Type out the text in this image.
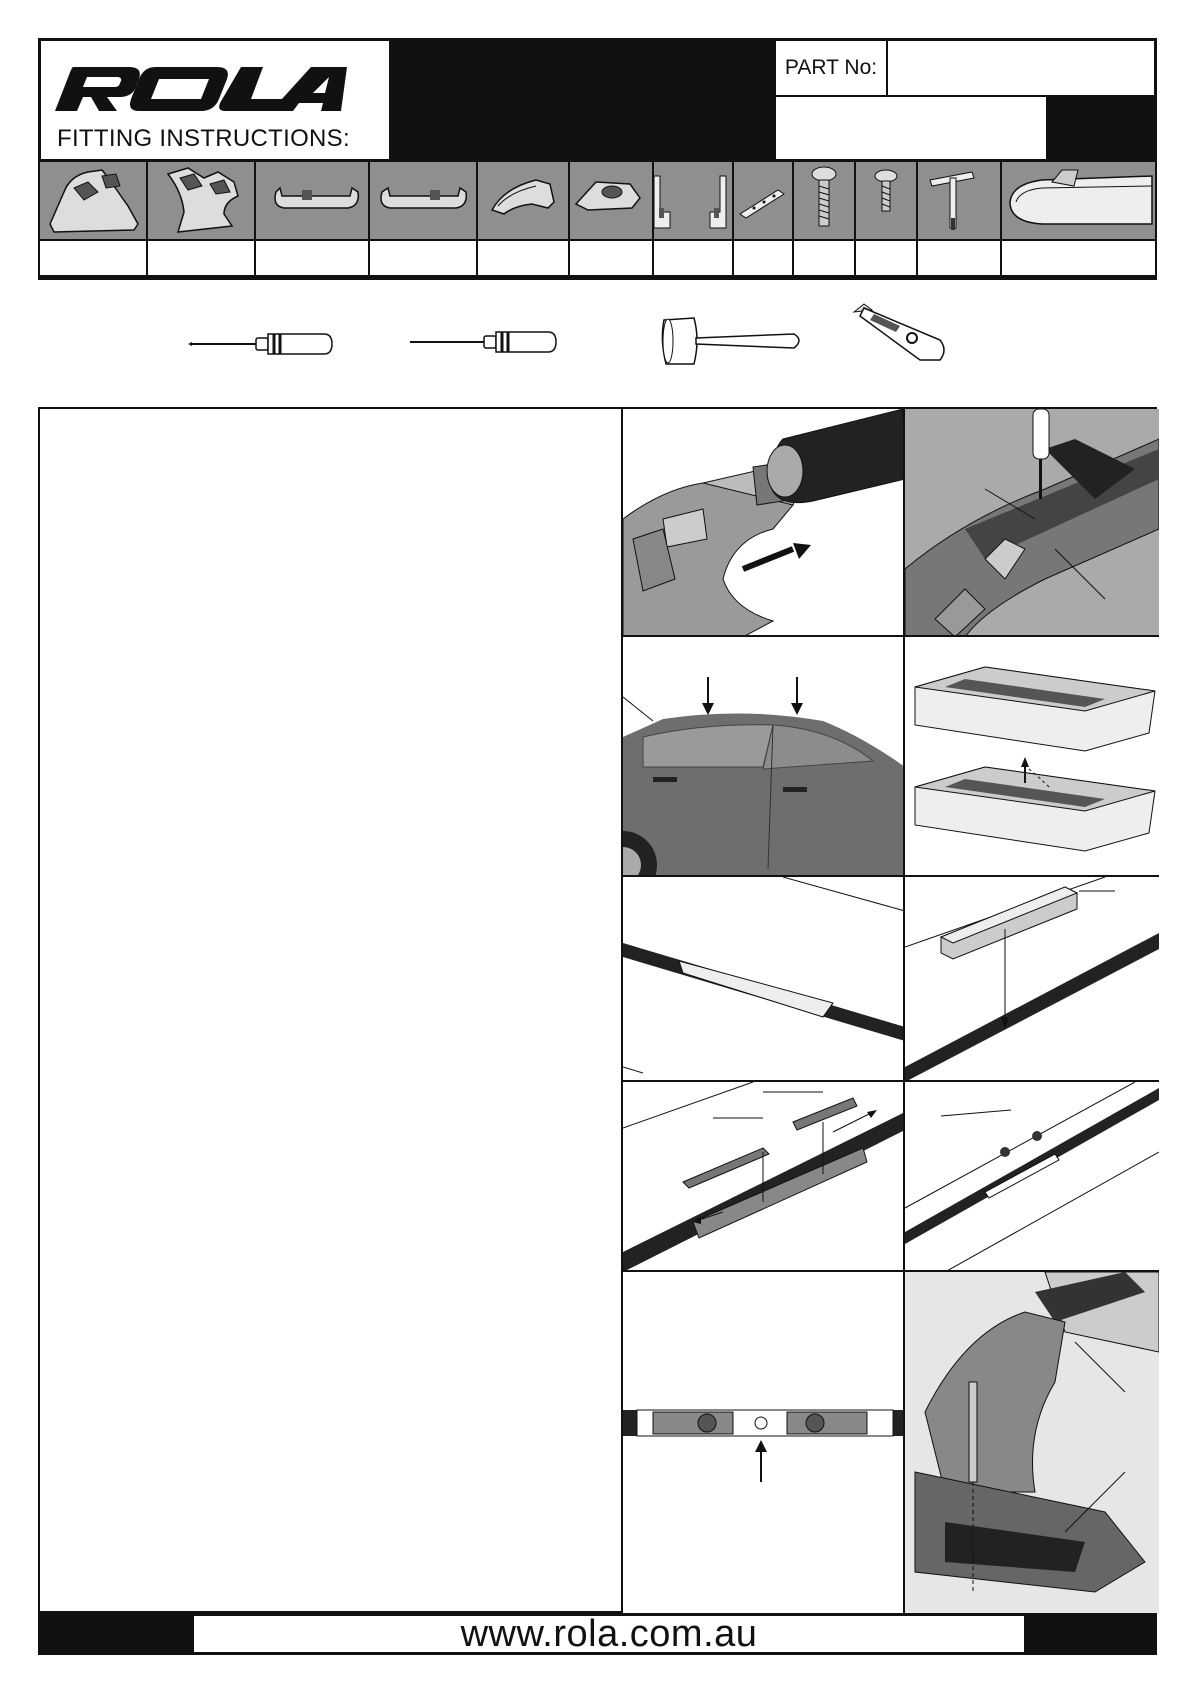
FITTING INSTRUCTIONS:
PART No:
www.rola.com.au
